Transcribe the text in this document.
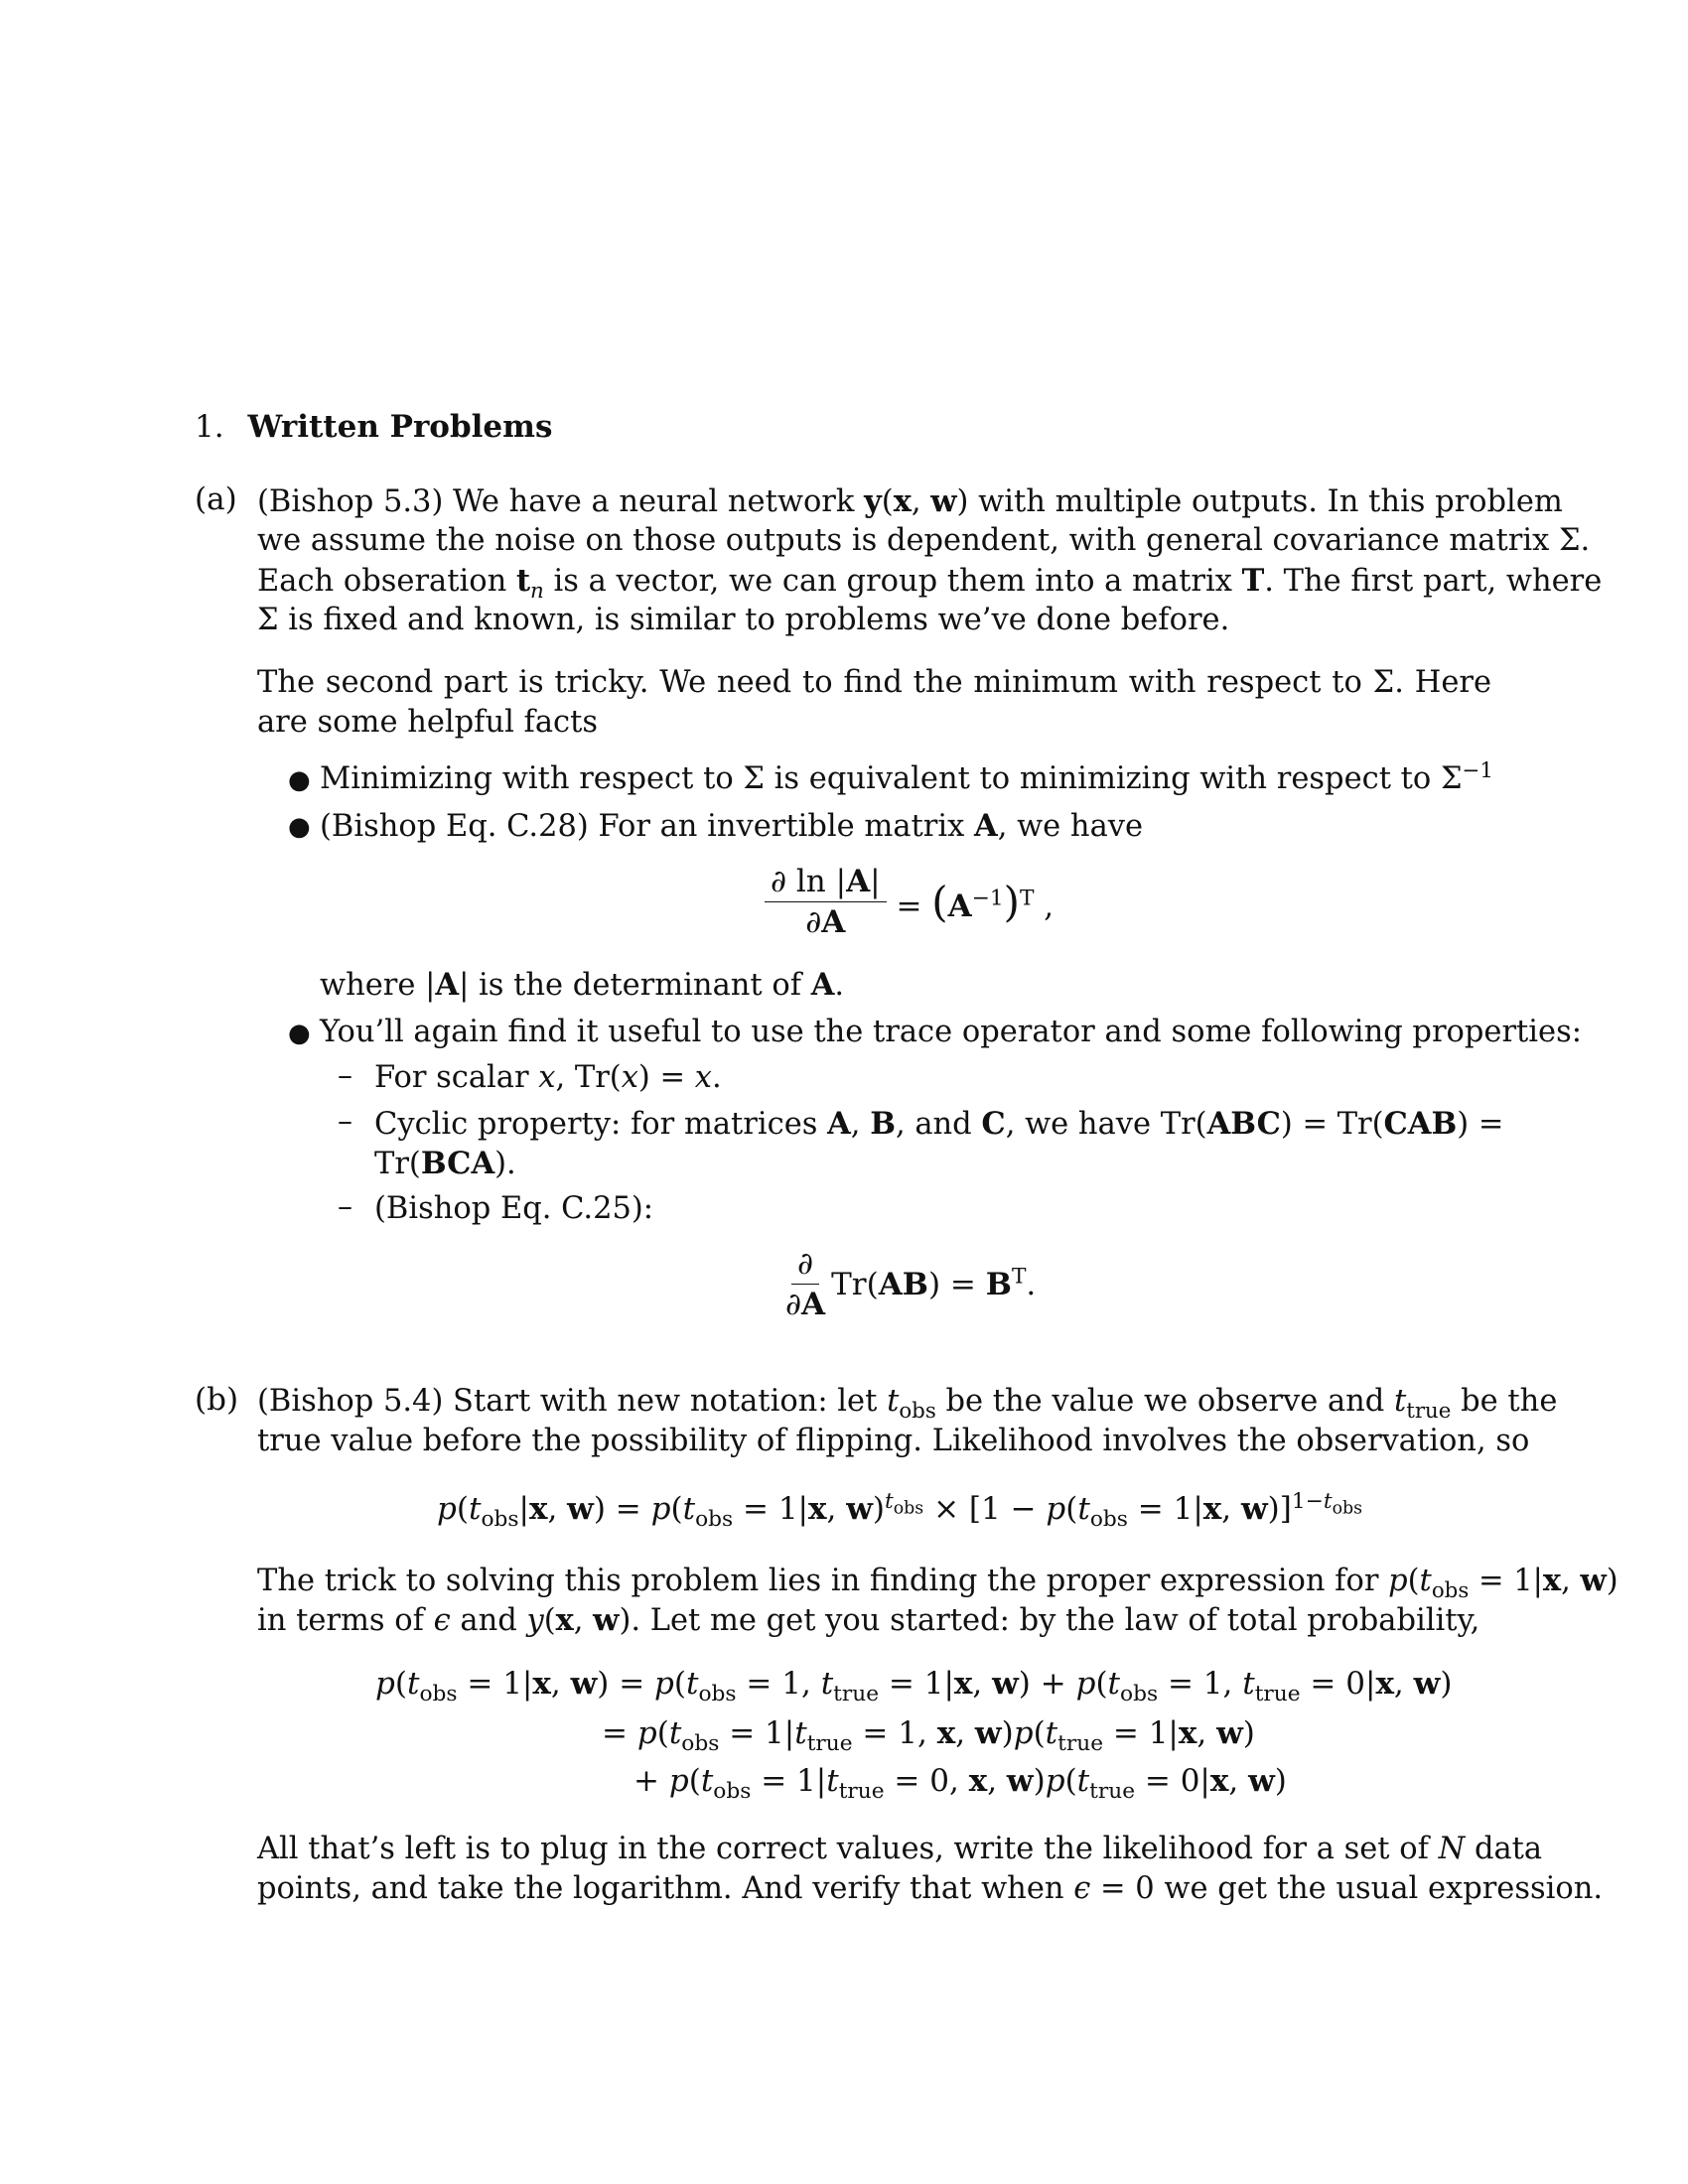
1. Written Problems
(a) (Bishop 5.3) We have a neural network y(x, w) with multiple outputs. In this problem
we assume the noise on those outputs is dependent, with general covariance matrix Σ.
Each obseration $t_n$ is a vector, we can group them into a matrix T. The first part, where
Σ is fixed and known, is similar to problems we’ve done before.
The second part is tricky. We need to find the minimum with respect to Σ. Here are some helpful facts
● Minimizing with respect to Σ is equivalent to minimizing with respect to $\Sigma^{-1}$
● (Bishop Eq. C.28) For an invertible matrix A, we have
$\frac{\partial \ln |A|}{\partial A} = (A^{-1})^T$ ,
where |A| is the determinant of A.
● You’ll again find it useful to use the trace operator and some following properties:
– For scalar x, Tr(x) = x.
– Cyclic property: for matrices A, B, and C, we have Tr(ABC) = Tr(CAB) =
Tr(BCA).
– (Bishop Eq. C.25):
$\frac{\partial}{\partial A} Tr(AB) = B^T$.
(b) (Bishop 5.4) Start with new notation: let $t_{obs}$ be the value we observe and $t_{true}$ be the
true value before the possibility of flipping. Likelihood involves the observation, so
$p(t_{obs}|x$, $w) = p(t_{obs} = 1|x$, $w)^{t_{obs}} \times [1 - p(t_{obs} = 1|x$, w)]$^{1-t_{obs}}$
The trick to solving this problem lies in finding the proper expression for $p(t_{obs} = 1|x$, w)
in terms of ϵ and y(x, w). Let me get you started: by the law of total probability,
$p(t_{obs} = 1|x$, $w) = p(t_{obs} = 1$, $t_{true} = 1|x$, $w) + p(t_{obs} = 1$, $t_{true} = 0|x$, w)
= $p(t_{obs} = 1|t_{true} = 1$, x, $w)p(t_{true} = 1|x$, w)
+ $p(t_{obs} = 1|t_{true} = 0$, x, $w)p(t_{true} = 0|x$, w)
All that’s left is to plug in the correct values, write the likelihood for a set of N data
points, and take the logarithm. And verify that when ϵ = 0 we get the usual expression.
